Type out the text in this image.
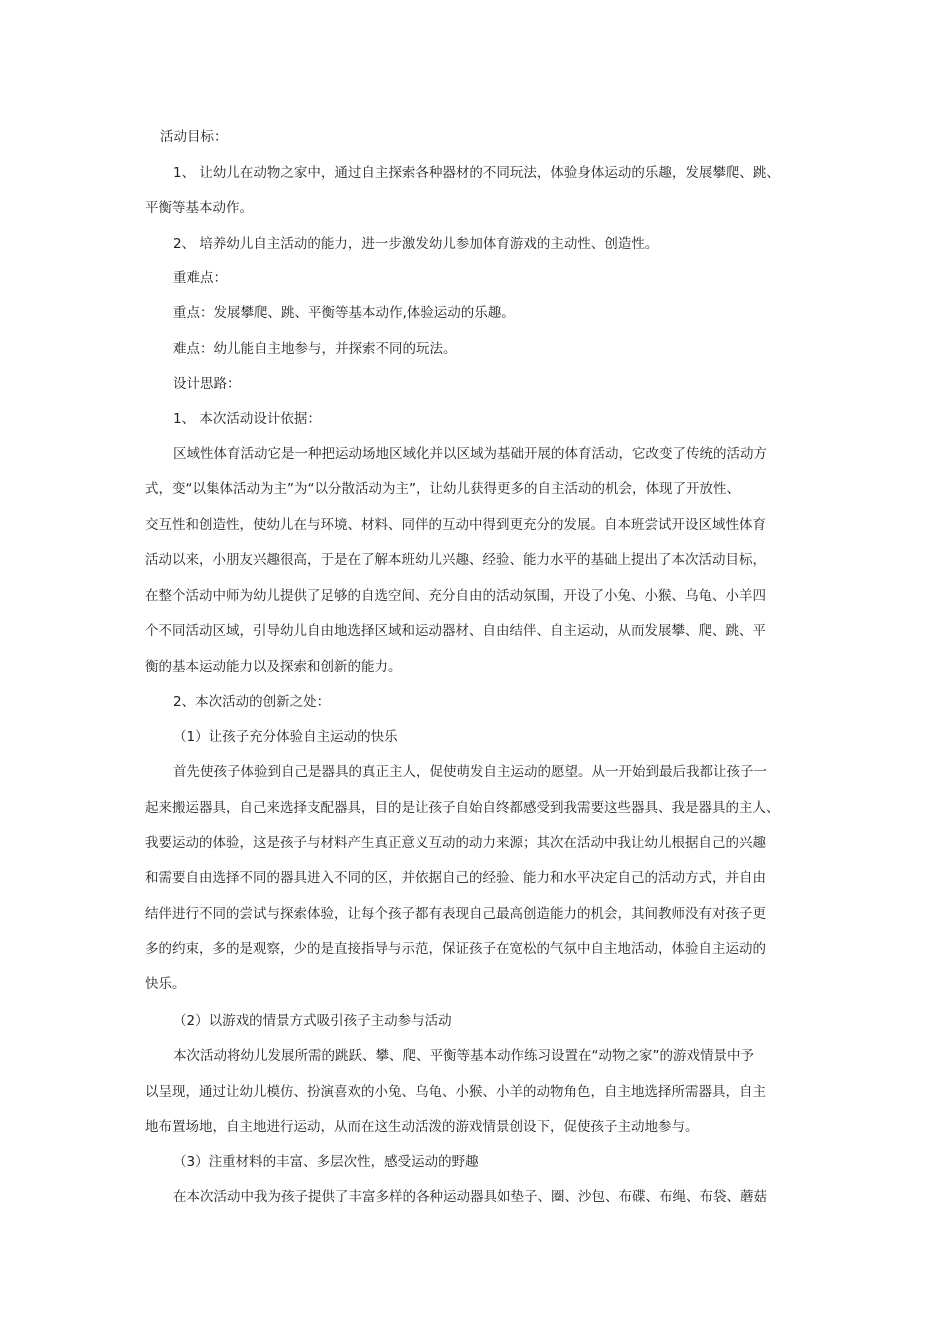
活动目标：
1、 让幼儿在动物之家中，通过自主探索各种器材的不同玩法，体验身体运动的乐趣，发展攀爬、跳、
平衡等基本动作。
2、 培养幼儿自主活动的能力，进一步激发幼儿参加体育游戏的主动性、创造性。
重难点：
重点：发展攀爬、跳、平衡等基本动作,体验运动的乐趣。
难点：幼儿能自主地参与，并探索不同的玩法。
设计思路：
1、 本次活动设计依据：
区域性体育活动它是一种把运动场地区域化并以区域为基础开展的体育活动，它改变了传统的活动方
式，变“以集体活动为主”为“以分散活动为主”，让幼儿获得更多的自主活动的机会，体现了开放性、
交互性和创造性，使幼儿在与环境、材料、同伴的互动中得到更充分的发展。自本班尝试开设区域性体育
活动以来，小朋友兴趣很高，于是在了解本班幼儿兴趣、经验、能力水平的基础上提出了本次活动目标，
在整个活动中师为幼儿提供了足够的自选空间、充分自由的活动氛围，开设了小兔、小猴、乌龟、小羊四
个不同活动区域，引导幼儿自由地选择区域和运动器材、自由结伴、自主运动，从而发展攀、爬、跳、平
衡的基本运动能力以及探索和创新的能力。
2、本次活动的创新之处：
（1）让孩子充分体验自主运动的快乐
首先使孩子体验到自己是器具的真正主人，促使萌发自主运动的愿望。从一开始到最后我都让孩子一
起来搬运器具，自己来选择支配器具，目的是让孩子自始自终都感受到我需要这些器具、我是器具的主人、
我要运动的体验，这是孩子与材料产生真正意义互动的动力来源；其次在活动中我让幼儿根据自己的兴趣
和需要自由选择不同的器具进入不同的区，并依据自己的经验、能力和水平决定自己的活动方式，并自由
结伴进行不同的尝试与探索体验，让每个孩子都有表现自己最高创造能力的机会，其间教师没有对孩子更
多的约束，多的是观察，少的是直接指导与示范，保证孩子在宽松的气氛中自主地活动，体验自主运动的
快乐。
（2）以游戏的情景方式吸引孩子主动参与活动
本次活动将幼儿发展所需的跳跃、攀、爬、平衡等基本动作练习设置在“动物之家”的游戏情景中予
以呈现，通过让幼儿模仿、扮演喜欢的小兔、乌龟、小猴、小羊的动物角色，自主地选择所需器具，自主
地布置场地，自主地进行运动，从而在这生动活泼的游戏情景创设下，促使孩子主动地参与。
（3）注重材料的丰富、多层次性，感受运动的野趣
在本次活动中我为孩子提供了丰富多样的各种运动器具如垫子、圈、沙包、布碟、布绳、布袋、蘑菇
